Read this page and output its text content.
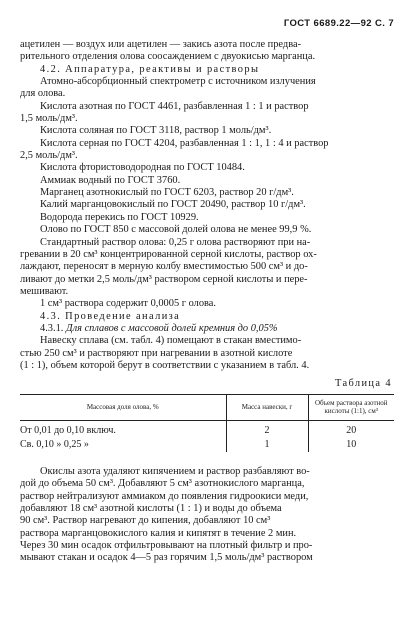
ГОСТ 6689.22—92 С. 7
ацетилен — воздух или ацетилен — закись азота после предва-
рительного отделения олова соосаждением с двуокисью марганца.
4.2. Аппаратура, реактивы и растворы
Атомно-абсорбционный спектрометр с источником излучения
для олова.
Кислота азотная по ГОСТ 4461, разбавленная 1 : 1 и раствор
1,5 моль/дм³.
Кислота соляная по ГОСТ 3118, раствор 1 моль/дм³.
Кислота серная по ГОСТ 4204, разбавленная 1 : 1, 1 : 4 и раствор
2,5 моль/дм³.
Кислота фтористоводородная по ГОСТ 10484.
Аммиак водный по ГОСТ 3760.
Марганец азотнокислый по ГОСТ 6203, раствор 20 г/дм³.
Калий марганцовокислый по ГОСТ 20490, раствор 10 г/дм³.
Водорода перекись по ГОСТ 10929.
Олово по ГОСТ 850 с массовой долей олова не менее 99,9 %.
Стандартный раствор олова: 0,25 г олова растворяют при на-
гревании в 20 см³ концентрированной серной кислоты, раствор ох-
лаждают, переносят в мерную колбу вместимостью 500 см³ и до-
ливают до метки 2,5 моль/дм³ раствором серной кислоты и пере-
мешивают.
1 см³ раствора содержит 0,0005 г олова.
4.3. Проведение анализа
4.3.1. Для сплавов с массовой долей кремния до 0,05%
Навеску сплава (см. табл. 4) помещают в стакан вместимо-
стью 250 см³ и растворяют при нагревании в азотной кислоте
(1 : 1), объем которой берут в соответствии с указанием в табл. 4.
Таблица 4
Массовая доля олова, %	Масса навески, г	Объем раствора азотной кислоты (1:1), см³
От 0,01 до 0,10 включ.	2	20
Св. 0,10 » 0,25 »	1	10
Окислы азота удаляют кипячением и раствор разбавляют во-
дой до объема 50 см³. Добавляют 5 см³ азотнокислого марганца,
раствор нейтрализуют аммиаком до появления гидроокиси меди,
добавляют 18 см³ азотной кислоты (1 : 1) и воды до объема
90 см³. Раствор нагревают до кипения, добавляют 10 см³
раствора марганцовокислого калия и кипятят в течение 2 мин.
Через 30 мин осадок отфильтровывают на плотный фильтр и про-
мывают стакан и осадок 4—5 раз горячим 1,5 моль/дм³ раствором
